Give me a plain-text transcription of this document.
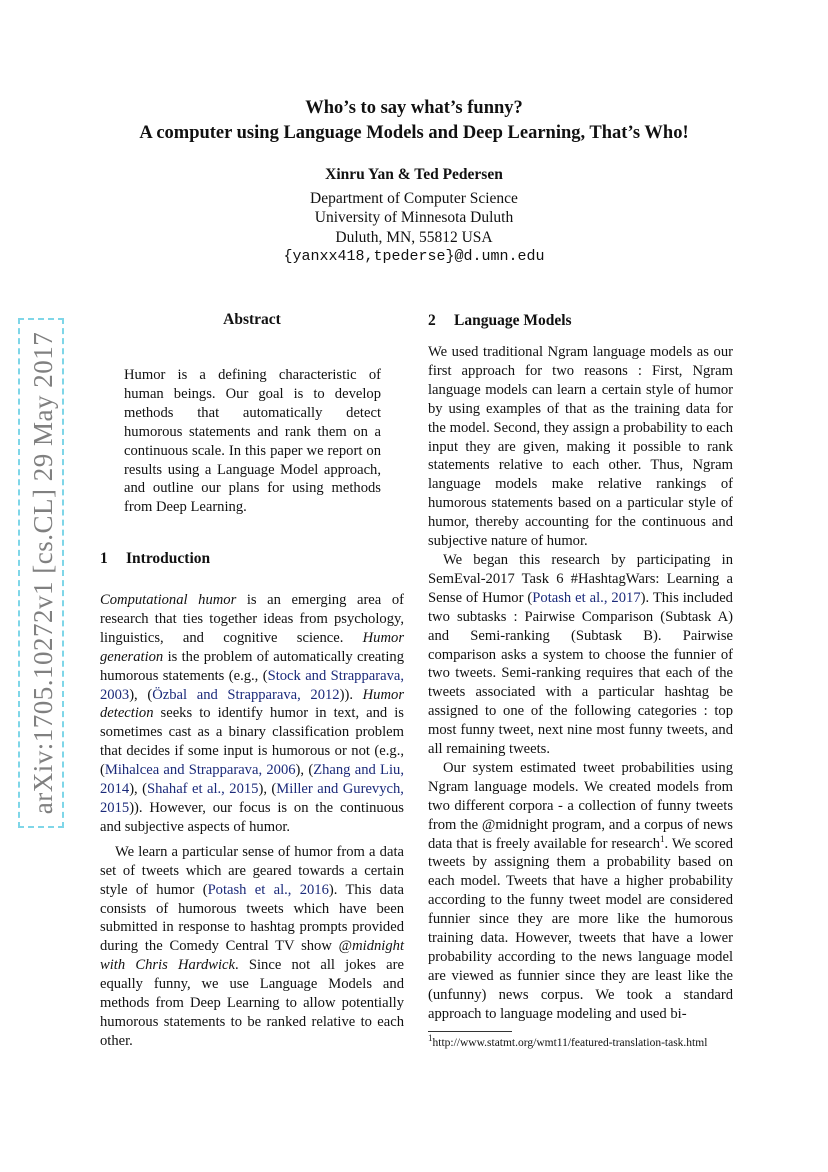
Who’s to say what’s funny?
A computer using Language Models and Deep Learning, That’s Who!
Xinru Yan & Ted Pedersen
Department of Computer Science
University of Minnesota Duluth
Duluth, MN, 55812 USA
{yanxx418,tpederse}@d.umn.edu
arXiv:1705.10272v1 [cs.CL] 29 May 2017
Abstract

Humor is a defining characteristic of human beings. Our goal is to develop methods that automatically detect humorous statements and rank them on a continuous scale. In this paper we report on results using a Language Model approach, and outline our plans for using methods from Deep Learning.

1 Introduction

Computational humor is an emerging area of research that ties together ideas from psychology, linguistics, and cognitive science. Humor generation is the problem of automatically creating humorous statements (e.g., (Stock and Strapparava, 2003), (Özbal and Strapparava, 2012)). Humor detection seeks to identify humor in text, and is sometimes cast as a binary classification problem that decides if some input is humorous or not (e.g., (Mihalcea and Strapparava, 2006), (Zhang and Liu, 2014), (Shahaf et al., 2015), (Miller and Gurevych, 2015)). However, our focus is on the continuous and subjective aspects of humor.

We learn a particular sense of humor from a data set of tweets which are geared towards a certain style of humor (Potash et al., 2016). This data consists of humorous tweets which have been submitted in response to hashtag prompts provided during the Comedy Central TV show @midnight with Chris Hardwick. Since not all jokes are equally funny, we use Language Models and methods from Deep Learning to allow potentially humorous statements to be ranked relative to each other.

2 Language Models

We used traditional Ngram language models as our first approach for two reasons : First, Ngram language models can learn a certain style of humor by using examples of that as the training data for the model. Second, they assign a probability to each input they are given, making it possible to rank statements relative to each other. Thus, Ngram language models make relative rankings of humorous statements based on a particular style of humor, thereby accounting for the continuous and subjective nature of humor.

We began this research by participating in SemEval-2017 Task 6 #HashtagWars: Learning a Sense of Humor (Potash et al., 2017). This included two subtasks : Pairwise Comparison (Subtask A) and Semi-ranking (Subtask B). Pairwise comparison asks a system to choose the funnier of two tweets. Semi-ranking requires that each of the tweets associated with a particular hashtag be assigned to one of the following categories : top most funny tweet, next nine most funny tweets, and all remaining tweets.

Our system estimated tweet probabilities using Ngram language models. We created models from two different corpora - a collection of funny tweets from the @midnight program, and a corpus of news data that is freely available for research$^1$. We scored tweets by assigning them a probability based on each model. Tweets that have a higher probability according to the funny tweet model are considered funnier since they are more like the humorous training data. However, tweets that have a lower probability according to the news language model are viewed as funnier since they are least like the (unfunny) news corpus. We took a standard approach to language modeling and used bi-

$^1$http://www.statmt.org/wmt11/featured-translation-task.html
